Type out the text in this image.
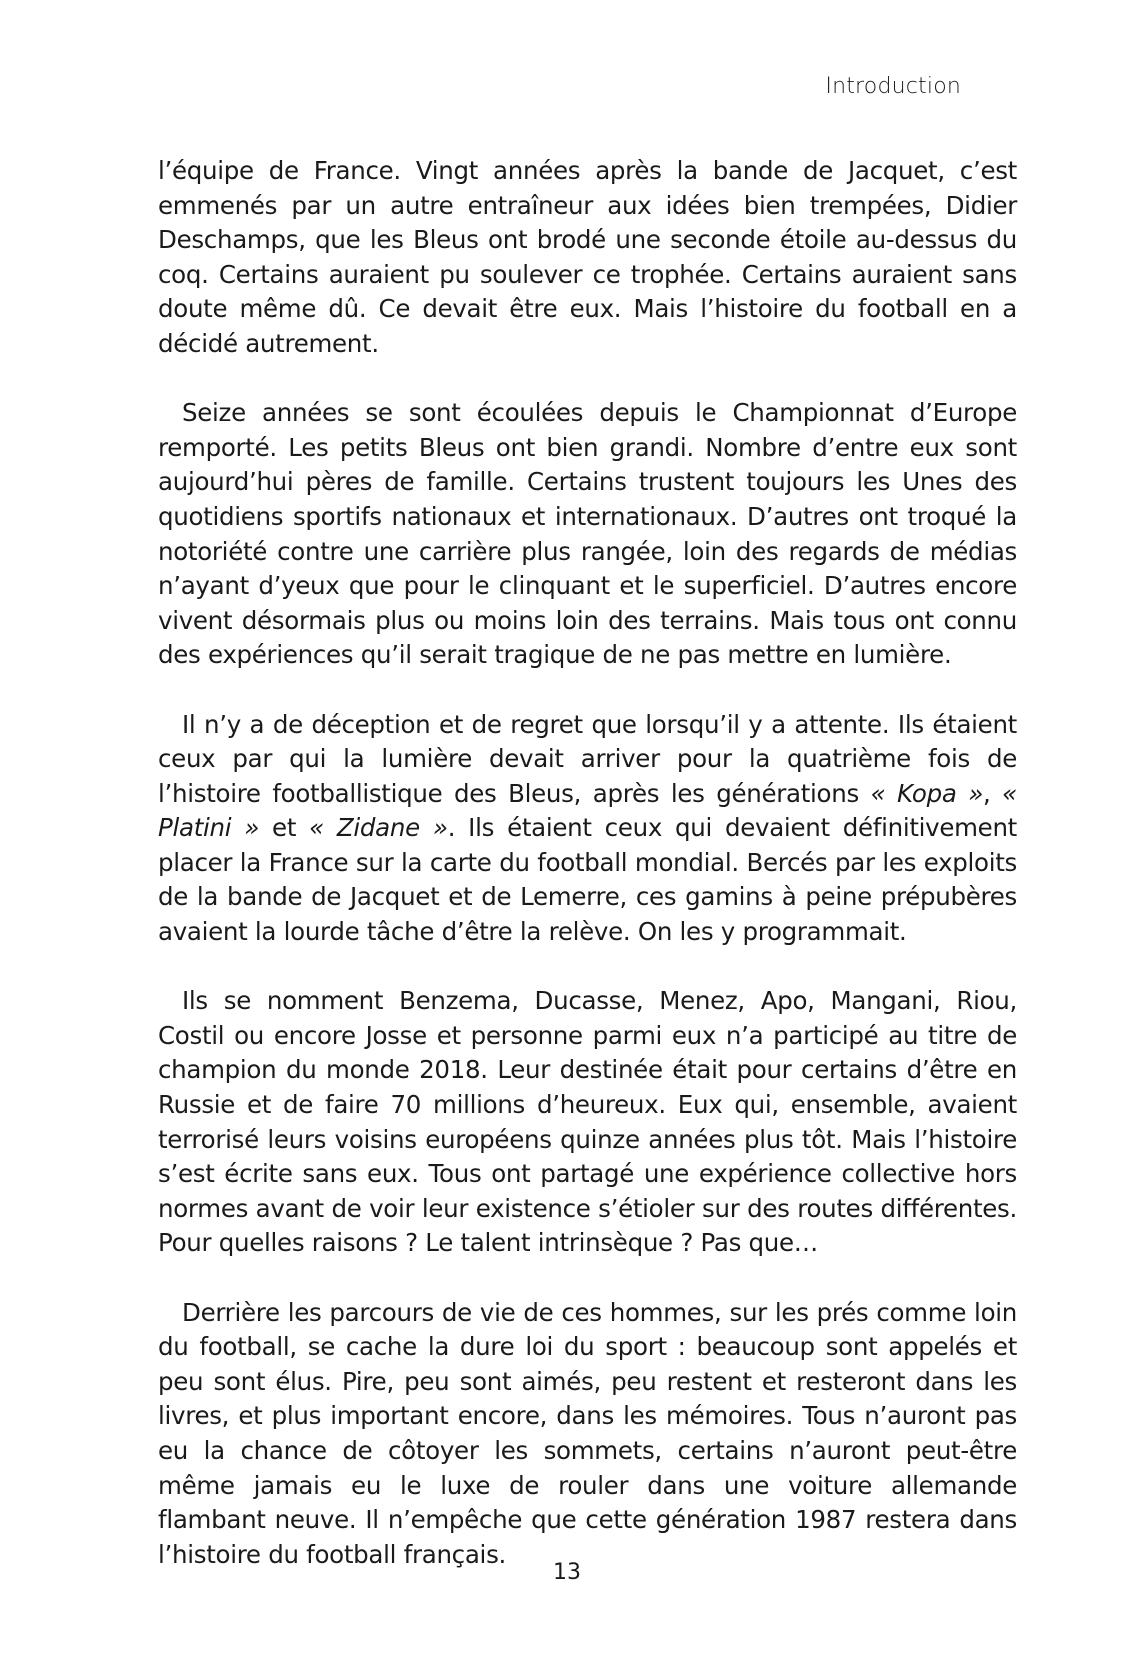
Introduction

l’équipe de France. Vingt années après la bande de Jacquet, c’est emmenés par un autre entraîneur aux idées bien trempées, Didier Deschamps, que les Bleus ont brodé une seconde étoile au-dessus du coq. Certains auraient pu soulever ce trophée. Certains auraient sans doute même dû. Ce devait être eux. Mais l’histoire du football en a décidé autrement.

Seize années se sont écoulées depuis le Championnat d’Europe remporté. Les petits Bleus ont bien grandi. Nombre d’entre eux sont aujourd’hui pères de famille. Certains trustent toujours les Unes des quotidiens sportifs nationaux et internationaux. D’autres ont troqué la notoriété contre une carrière plus rangée, loin des regards de médias n’ayant d’yeux que pour le clinquant et le superficiel. D’autres encore vivent désormais plus ou moins loin des terrains. Mais tous ont connu des expériences qu’il serait tragique de ne pas mettre en lumière.

Il n’y a de déception et de regret que lorsqu’il y a attente. Ils étaient ceux par qui la lumière devait arriver pour la quatrième fois de l’histoire footballistique des Bleus, après les générations « Kopa », « Platini » et « Zidane ». Ils étaient ceux qui devaient définitivement placer la France sur la carte du football mondial. Bercés par les exploits de la bande de Jacquet et de Lemerre, ces gamins à peine prépubères avaient la lourde tâche d’être la relève. On les y programmait.

Ils se nomment Benzema, Ducasse, Menez, Apo, Mangani, Riou, Costil ou encore Josse et personne parmi eux n’a participé au titre de champion du monde 2018. Leur destinée était pour certains d’être en Russie et de faire 70 millions d’heureux. Eux qui, ensemble, avaient terrorisé leurs voisins européens quinze années plus tôt. Mais l’histoire s’est écrite sans eux. Tous ont partagé une expérience collective hors normes avant de voir leur existence s’étioler sur des routes différentes. Pour quelles raisons ? Le talent intrinsèque ? Pas que…

Derrière les parcours de vie de ces hommes, sur les prés comme loin du football, se cache la dure loi du sport : beaucoup sont appelés et peu sont élus. Pire, peu sont aimés, peu restent et resteront dans les livres, et plus important encore, dans les mémoires. Tous n’auront pas eu la chance de côtoyer les sommets, certains n’auront peut-être même jamais eu le luxe de rouler dans une voiture allemande flambant neuve. Il n’empêche que cette génération 1987 restera dans l’histoire du football français.

13
